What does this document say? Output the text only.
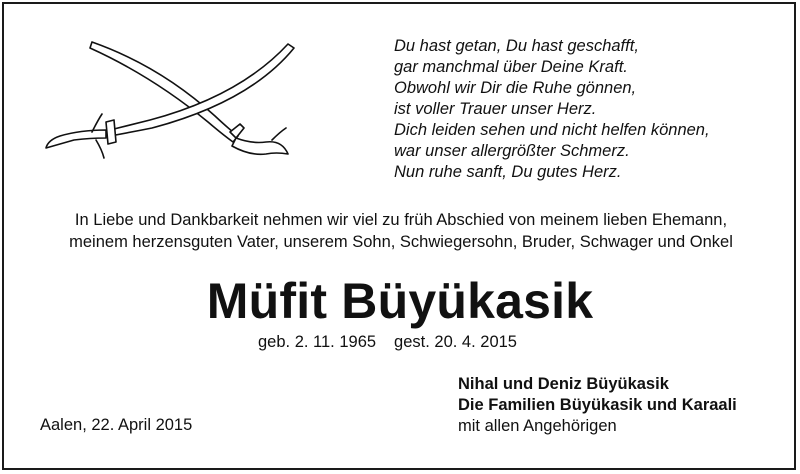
Du hast getan, Du hast geschafft,
gar manchmal über Deine Kraft.
Obwohl wir Dir die Ruhe gönnen,
ist voller Trauer unser Herz.
Dich leiden sehen und nicht helfen können,
war unser allergrößter Schmerz.
Nun ruhe sanft, Du gutes Herz.
In Liebe und Dankbarkeit nehmen wir viel zu früh Abschied von meinem lieben Ehemann,
meinem herzensguten Vater, unserem Sohn, Schwiegersohn, Bruder, Schwager und Onkel
Müfit Büyükasik
geb. 2. 11. 1965 gest. 20. 4. 2015
Aalen, 22. April 2015
Nihal und Deniz Büyükasik
Die Familien Büyükasik und Karaali
mit allen Angehörigen
